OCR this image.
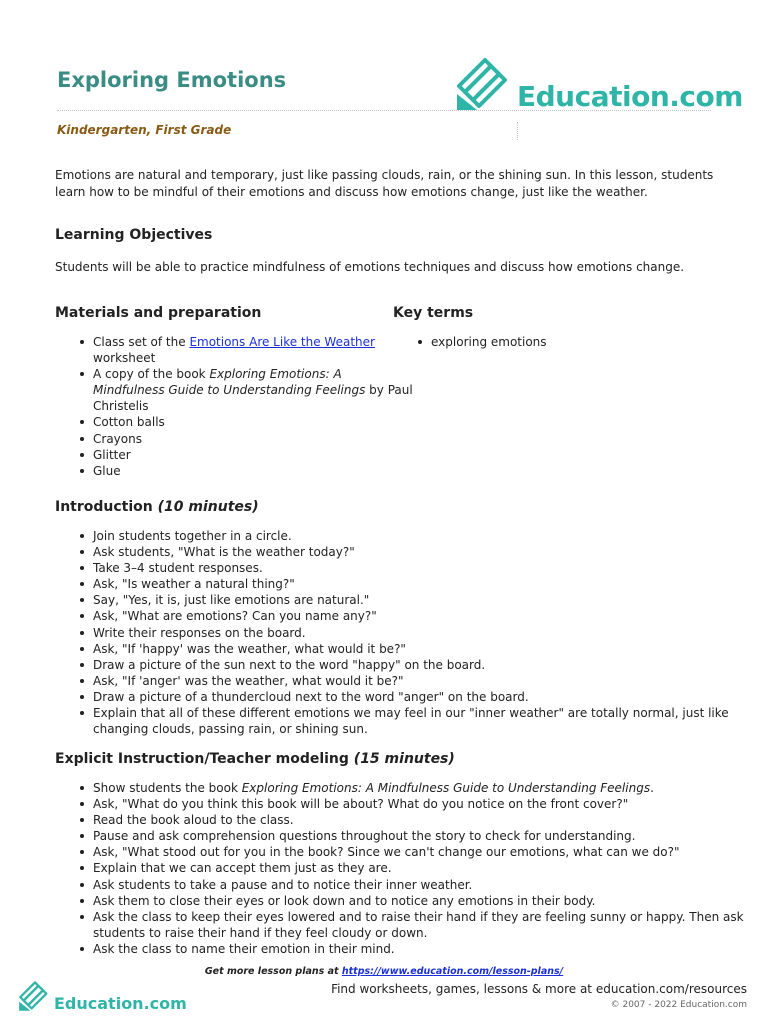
Exploring Emotions	Education.com
Kindergarten, First Grade
Emotions are natural and temporary, just like passing clouds, rain, or the shining sun. In this lesson, students learn how to be mindful of their emotions and discuss how emotions change, just like the weather.
Learning Objectives
Students will be able to practice mindfulness of emotions techniques and discuss how emotions change.
Materials and preparation
Class set of the Emotions Are Like the Weather worksheet
A copy of the book Exploring Emotions: A Mindfulness Guide to Understanding Feelings by Paul Christelis
Cotton balls
Crayons
Glitter
Glue
Key terms
exploring emotions
Introduction (10 minutes)
Join students together in a circle.
Ask students, "What is the weather today?"
Take 3–4 student responses.
Ask, "Is weather a natural thing?"
Say, "Yes, it is, just like emotions are natural."
Ask, "What are emotions? Can you name any?"
Write their responses on the board.
Ask, "If 'happy' was the weather, what would it be?"
Draw a picture of the sun next to the word "happy" on the board.
Ask, "If 'anger' was the weather, what would it be?"
Draw a picture of a thundercloud next to the word "anger" on the board.
Explain that all of these different emotions we may feel in our "inner weather" are totally normal, just like changing clouds, passing rain, or shining sun.
Explicit Instruction/Teacher modeling (15 minutes)
Show students the book Exploring Emotions: A Mindfulness Guide to Understanding Feelings.
Ask, "What do you think this book will be about? What do you notice on the front cover?"
Read the book aloud to the class.
Pause and ask comprehension questions throughout the story to check for understanding.
Ask, "What stood out for you in the book? Since we can't change our emotions, what can we do?"
Explain that we can accept them just as they are.
Ask students to take a pause and to notice their inner weather.
Ask them to close their eyes or look down and to notice any emotions in their body.
Ask the class to keep their eyes lowered and to raise their hand if they are feeling sunny or happy. Then ask students to raise their hand if they feel cloudy or down.
Ask the class to name their emotion in their mind.
Get more lesson plans at https://www.education.com/lesson-plans/
Education.com
Find worksheets, games, lessons & more at education.com/resources
© 2007 - 2022 Education.com
